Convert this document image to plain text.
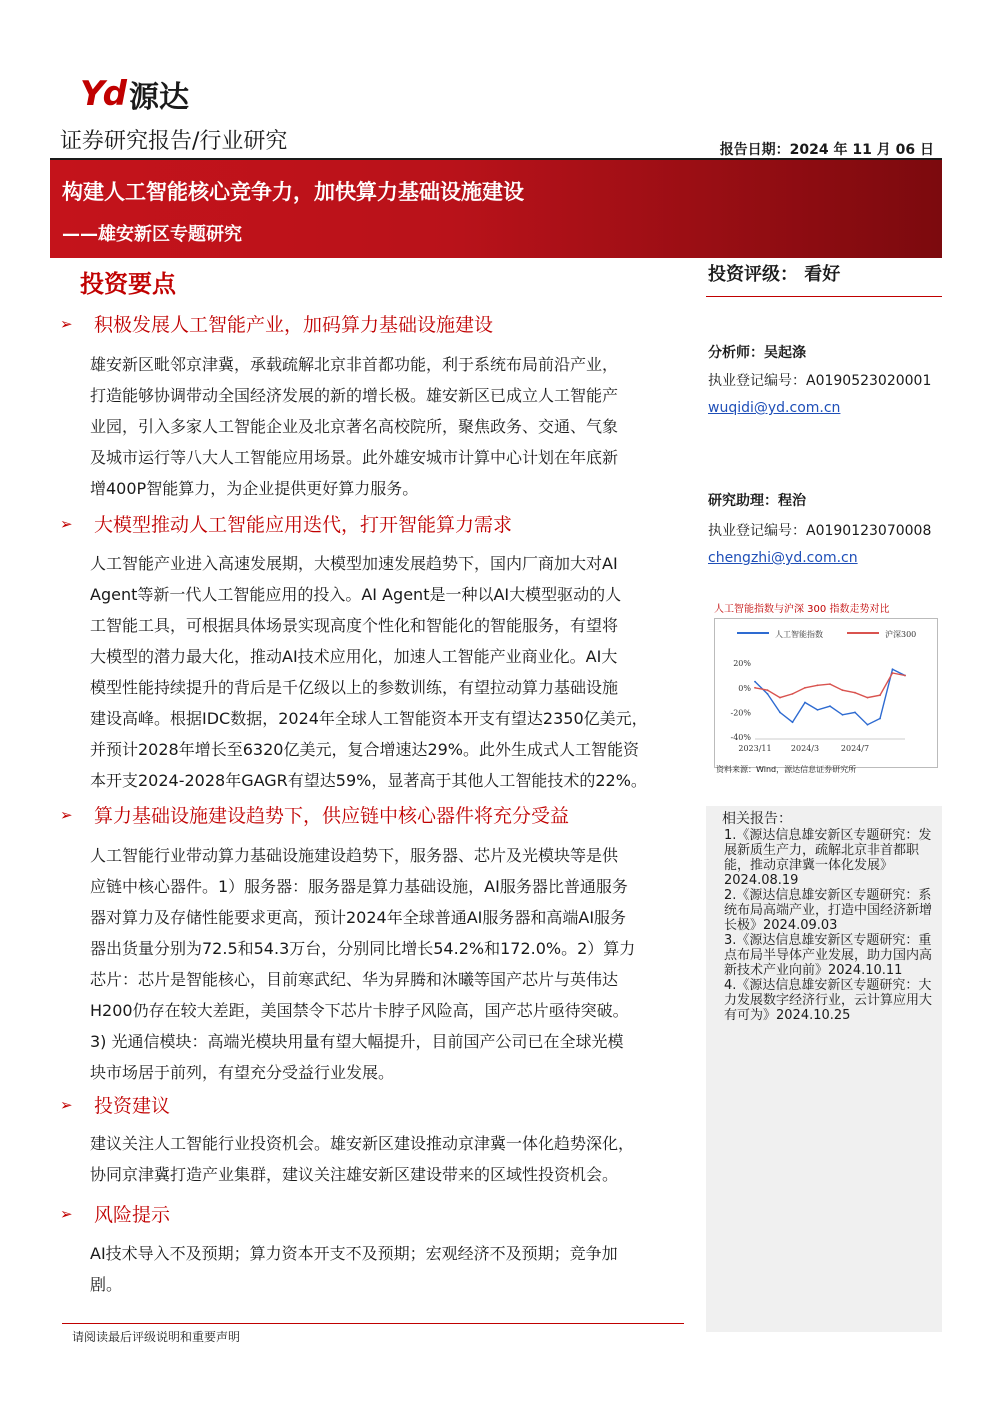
Yd 源达
证券研究报告/行业研究	报告日期：2024 年 11 月 06 日
构建人工智能核心竞争力，加快算力基础设施建设
——雄安新区专题研究
投资要点
➢	积极发展人工智能产业，加码算力基础设施建设
雄安新区毗邻京津冀，承载疏解北京非首都功能，利于系统布局前沿产业，
打造能够协调带动全国经济发展的新的增长极。雄安新区已成立人工智能产
业园，引入多家人工智能企业及北京著名高校院所，聚焦政务、交通、气象
及城市运行等八大人工智能应用场景。此外雄安城市计算中心计划在年底新
增400P智能算力，为企业提供更好算力服务。
➢	大模型推动人工智能应用迭代，打开智能算力需求
人工智能产业进入高速发展期，大模型加速发展趋势下，国内厂商加大对AI
Agent等新一代人工智能应用的投入。AI Agent是一种以AI大模型驱动的人
工智能工具，可根据具体场景实现高度个性化和智能化的智能服务，有望将
大模型的潜力最大化，推动AI技术应用化，加速人工智能产业商业化。AI大
模型性能持续提升的背后是千亿级以上的参数训练，有望拉动算力基础设施
建设高峰。根据IDC数据，2024年全球人工智能资本开支有望达2350亿美元，
并预计2028年增长至6320亿美元，复合增速达29%。此外生成式人工智能资
本开支2024-2028年GAGR有望达59%，显著高于其他人工智能技术的22%。
➢	算力基础设施建设趋势下，供应链中核心器件将充分受益
人工智能行业带动算力基础设施建设趋势下，服务器、芯片及光模块等是供
应链中核心器件。1）服务器：服务器是算力基础设施，AI服务器比普通服务
器对算力及存储性能要求更高，预计2024年全球普通AI服务器和高端AI服务
器出货量分别为72.5和54.3万台，分别同比增长54.2%和172.0%。2）算力
芯片：芯片是智能核心，目前寒武纪、华为昇腾和沐曦等国产芯片与英伟达
H200仍存在较大差距，美国禁令下芯片卡脖子风险高，国产芯片亟待突破。
3) 光通信模块：高端光模块用量有望大幅提升，目前国产公司已在全球光模
块市场居于前列，有望充分受益行业发展。
➢	投资建议
建议关注人工智能行业投资机会。雄安新区建设推动京津冀一体化趋势深化，
协同京津冀打造产业集群，建议关注雄安新区建设带来的区域性投资机会。
➢	风险提示
AI技术导入不及预期；算力资本开支不及预期；宏观经济不及预期；竞争加
剧。
请阅读最后评级说明和重要声明
投资评级： 看好
分析师：吴起涤
执业登记编号：A0190523020001
wuqidi@yd.com.cn
研究助理：程治
执业登记编号：A0190123070008
chengzhi@yd.com.cn
人工智能指数与沪深 300 指数走势对比
人工智能指数	沪深300
20%
0%
-20%
-40%
2023/11 2024/3	2024/7
资料来源：Wind，源达信息证券研究所
相关报告：
1.《源达信息雄安新区专题研究：发展新质生产力，疏解北京非首都职能，推动京津冀一体化发展》2024.08.19
2.《源达信息雄安新区专题研究：系统布局高端产业，打造中国经济新增长极》2024.09.03
3.《源达信息雄安新区专题研究：重点布局半导体产业发展，助力国内高新技术产业向前》2024.10.11
4.《源达信息雄安新区专题研究：大力发展数字经济行业，云计算应用大有可为》2024.10.25
